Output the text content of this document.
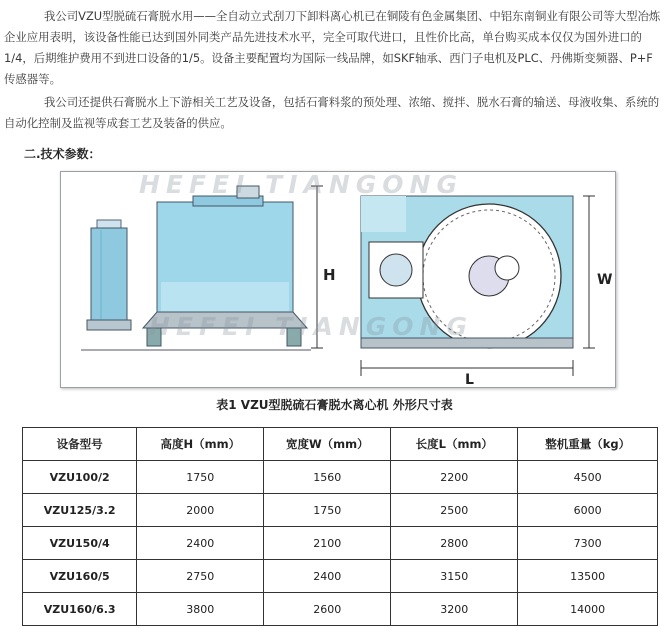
我公司VZU型脱硫石膏脱水用——全自动立式刮刀下卸料离心机已在铜陵有色金属集团、中铝东南铜业有限公司等大型冶炼企业应用表明，该设备性能已达到国外同类产品先进技术水平，完全可取代进口，且性价比高，单台购买成本仅仅为国外进口的1/4，后期维护费用不到进口设备的1/5。设备主要配置均为国际一线品牌，如SKF轴承、西门子电机及PLC、丹佛斯变频器、P+F传感器等。
我公司还提供石膏脱水上下游相关工艺及设备，包括石膏料浆的预处理、浓缩、搅拌、脱水石膏的输送、母液收集、系统的自动化控制及监视等成套工艺及装备的供应。
二.技术参数：
H	W
L
HEFEI TIANGONG
HEFEI TIANGONG
表1 VZU型脱硫石膏脱水离心机 外形尺寸表
设备型号	高度H（mm）	宽度W（mm）	长度L（mm）	整机重量（kg）
VZU100/2	1750	1560	2200	4500
VZU125/3.2	2000	1750	2500	6000
VZU150/4	2400	2100	2800	7300
VZU160/5	2750	2400	3150	13500
VZU160/6.3	3800	2600	3200	14000
